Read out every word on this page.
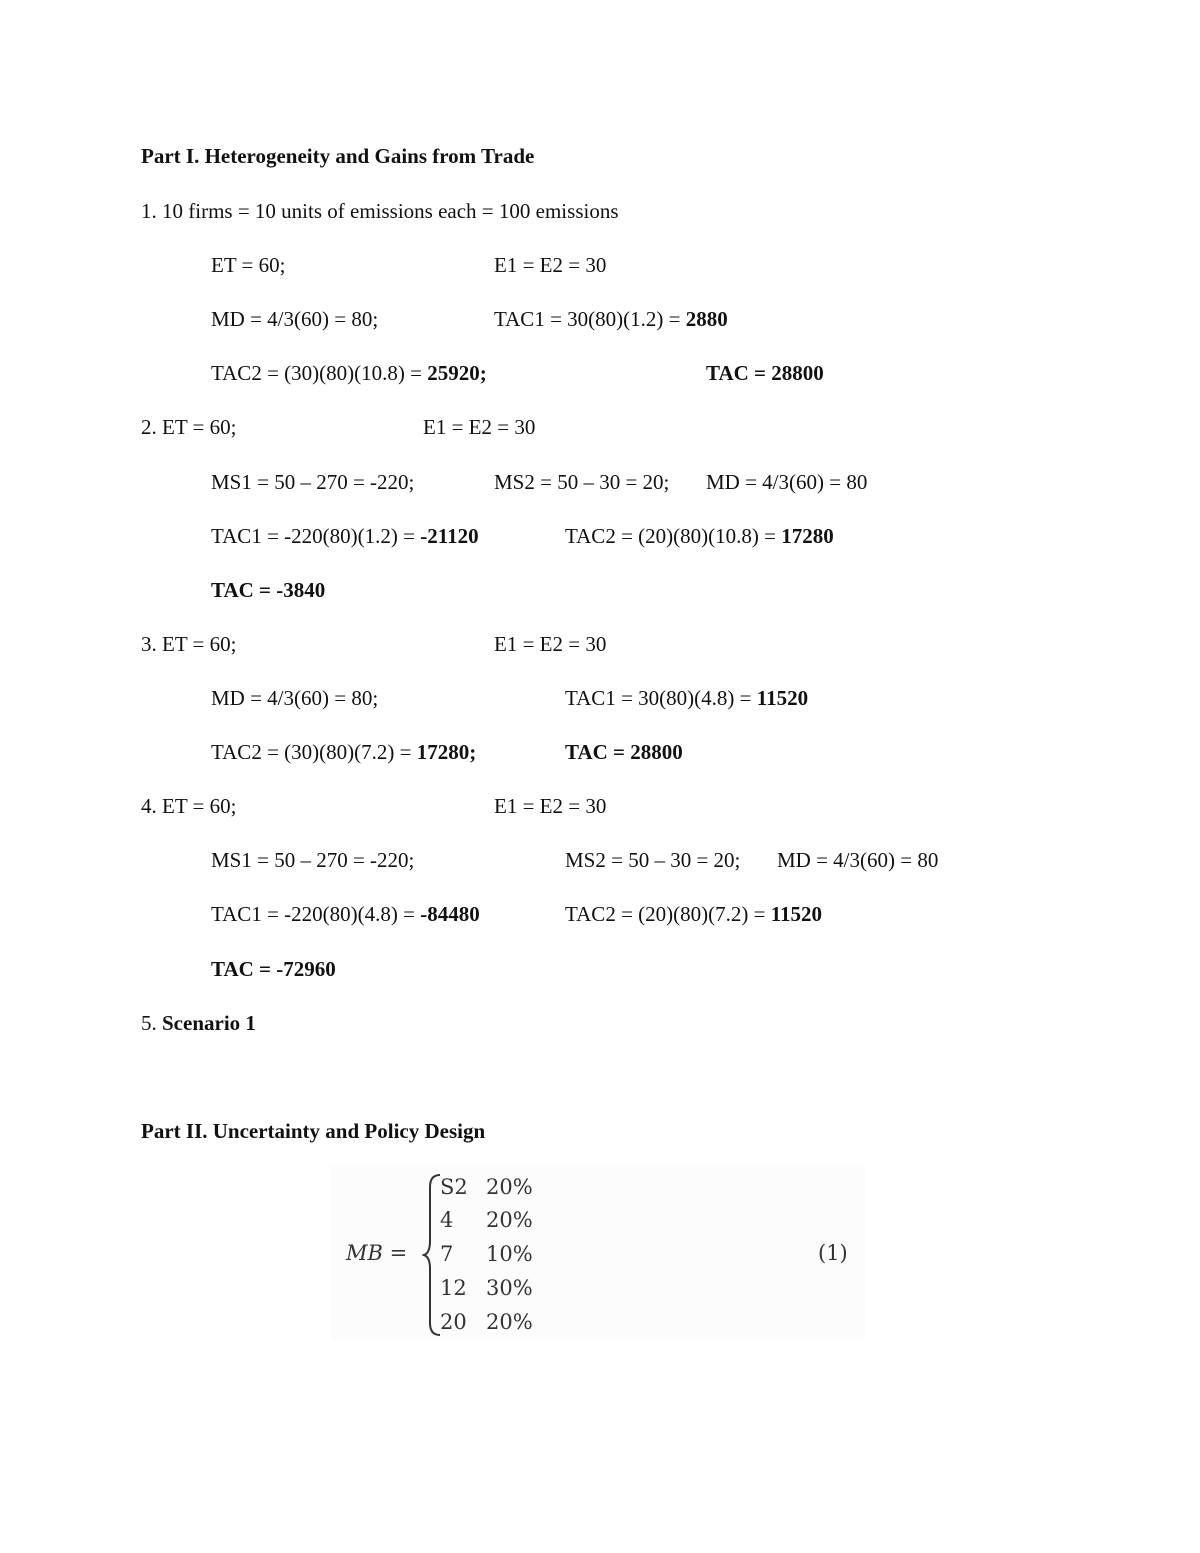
Part I. Heterogeneity and Gains from Trade
1. 10 firms = 10 units of emissions each = 100 emissions
ET = 60;	E1 = E2 = 30
MD = 4/3(60) = 80;	TAC1 = 30(80)(1.2) = 2880
TAC2 = (30)(80)(10.8) = 25920;	TAC = 28800
2. ET = 60;	E1 = E2 = 30
MS1 = 50 – 270 = -220;	MS2 = 50 – 30 = 20; MD = 4/3(60) = 80
TAC1 = -220(80)(1.2) = -21120	TAC2 = (20)(80)(10.8) = 17280
TAC = -3840
3. ET = 60;	E1 = E2 = 30
MD = 4/3(60) = 80;	TAC1 = 30(80)(4.8) = 11520
TAC2 = (30)(80)(7.2) = 17280;	TAC = 28800
4. ET = 60;	E1 = E2 = 30
MS1 = 50 – 270 = -220;	MS2 = 50 – 30 = 20; MD = 4/3(60) = 80
TAC1 = -220(80)(4.8) = -84480	TAC2 = (20)(80)(7.2) = 11520
TAC = -72960
5. Scenario 1
Part II. Uncertainty and Policy Design
MB =
S2 20%
4 20%
7 10%
12 30%
20 20%
(1)
